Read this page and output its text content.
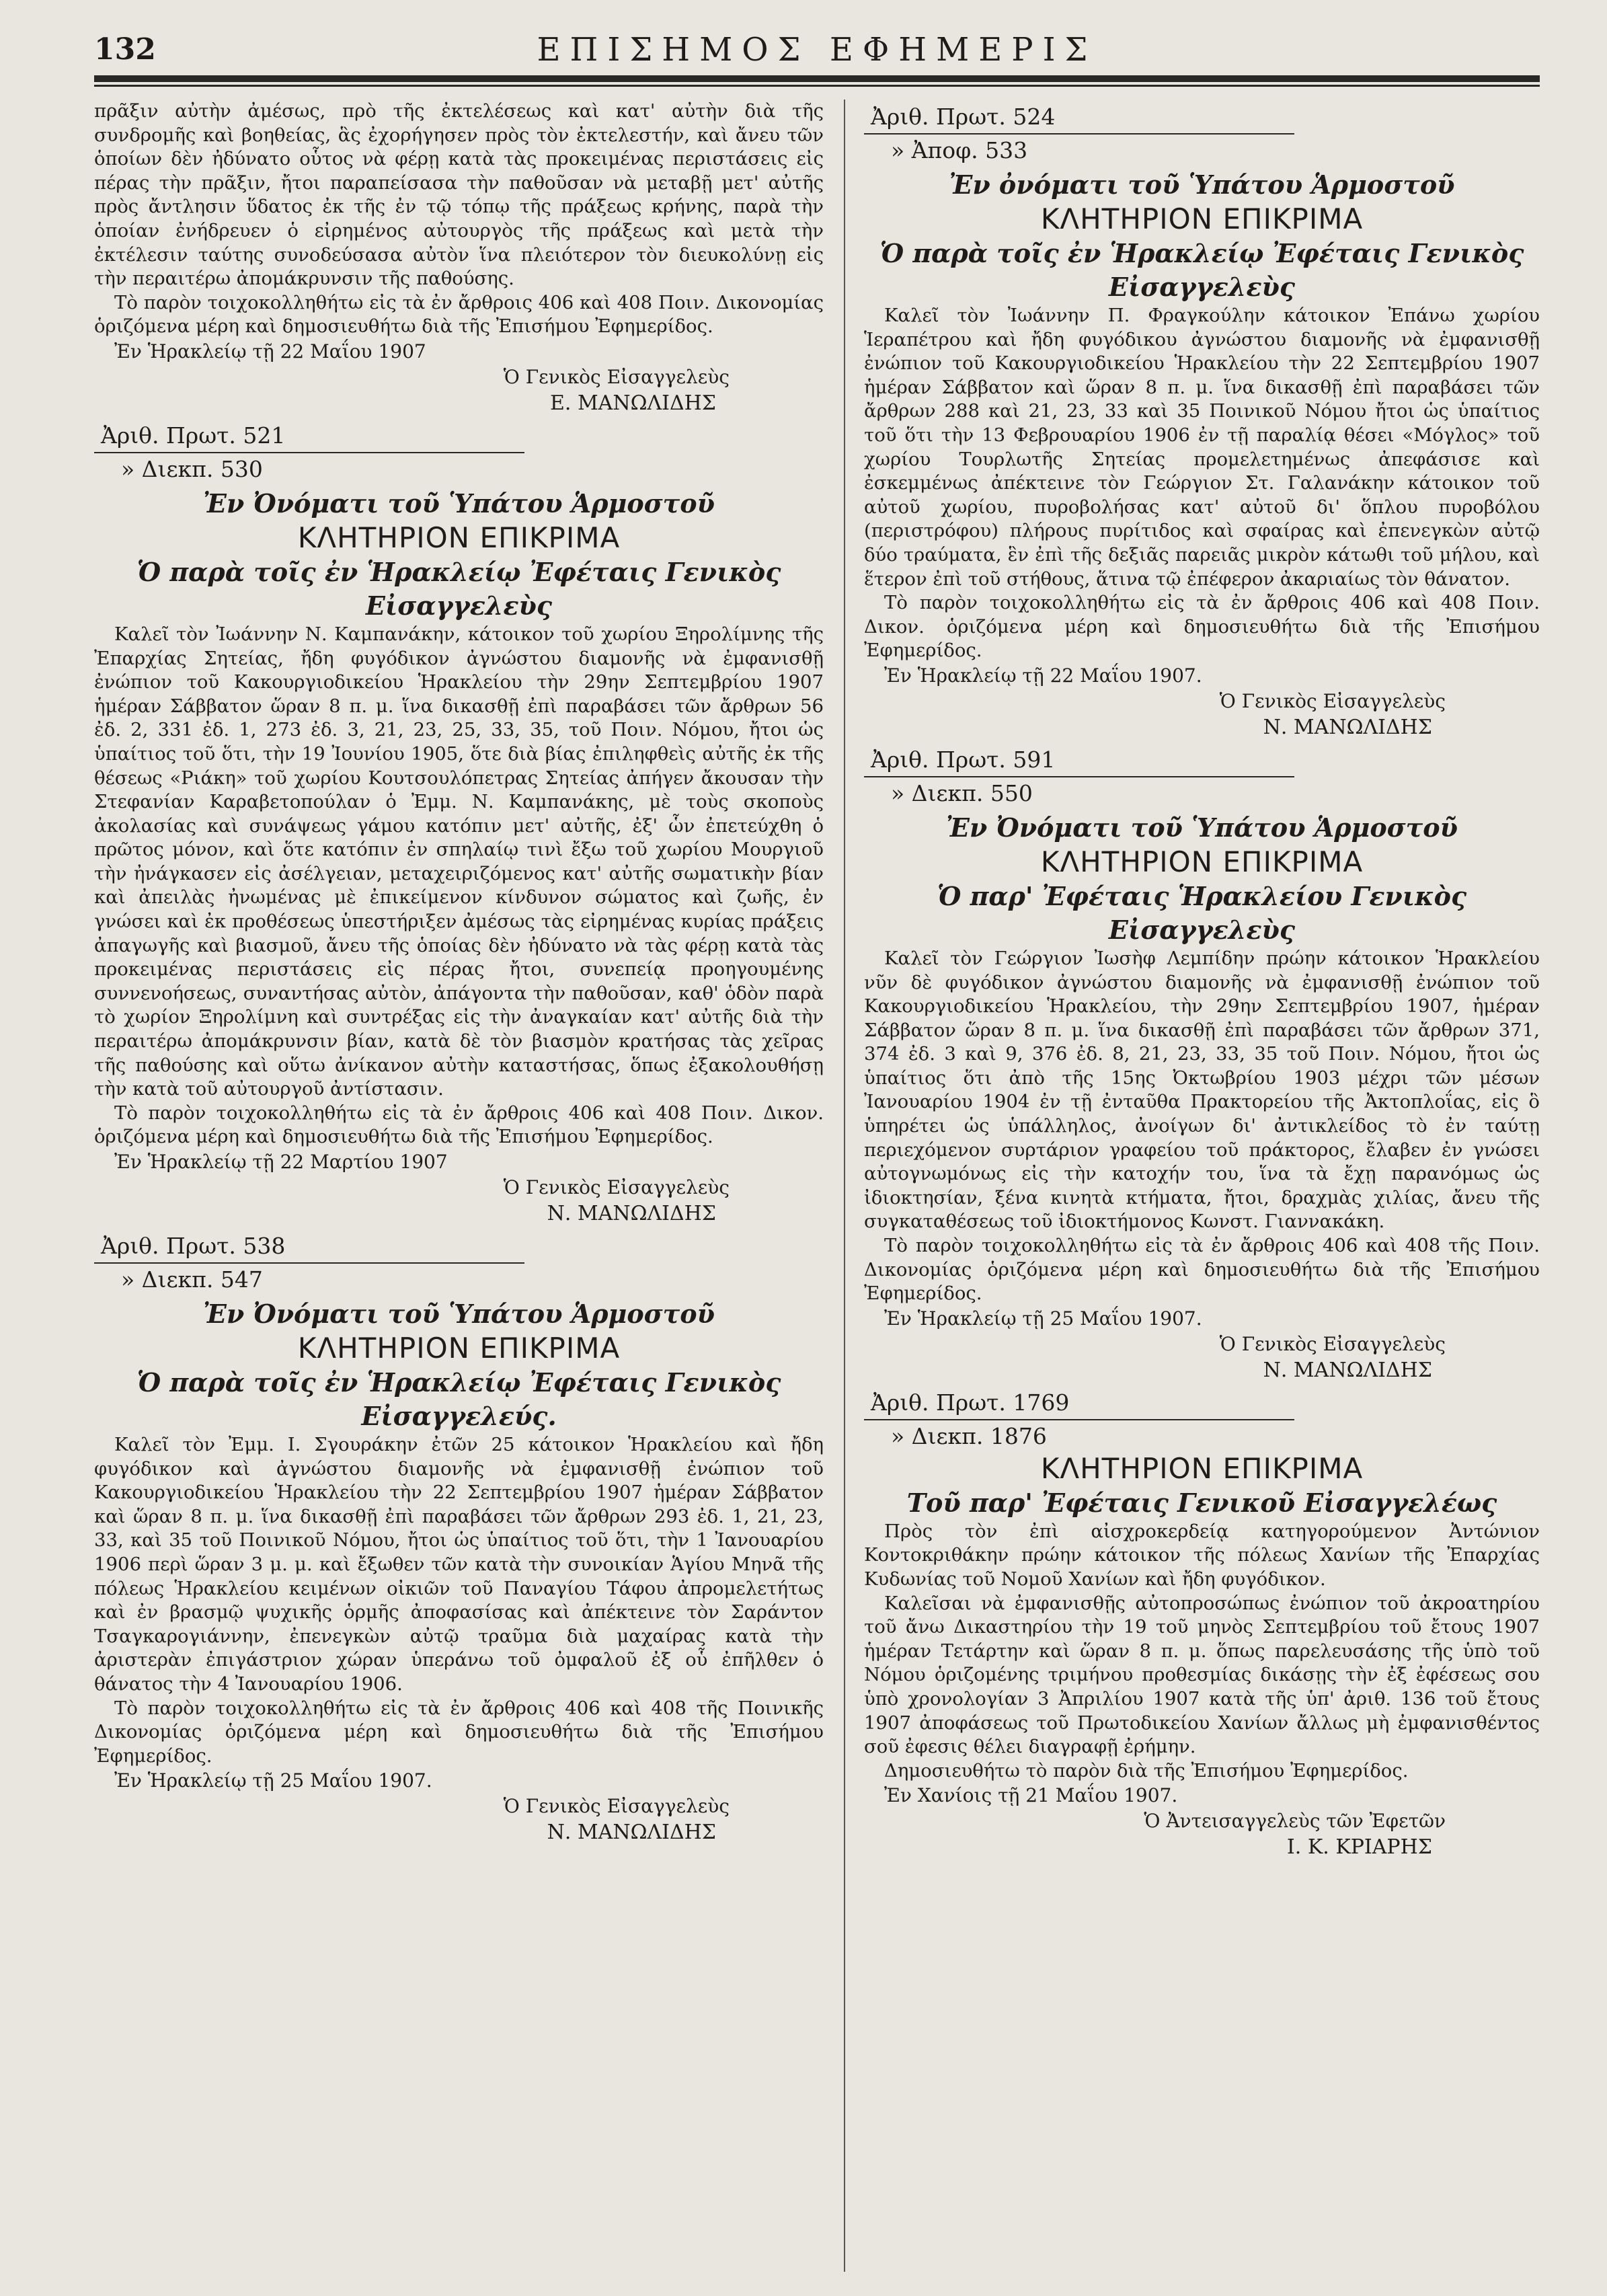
132	ΕΠΙΣΗΜΟΣ ΕΦΗΜΕΡΙΣ

πρᾶξιν αὐτὴν ἀμέσως, πρὸ τῆς ἐκτελέσεως καὶ κατ' αὐτὴν διὰ τῆς συνδρομῆς καὶ βοηθείας, ἃς ἐχορήγησεν πρὸς τὸν ἐκτελεστήν, καὶ ἄνευ τῶν ὁποίων δὲν ἠδύνατο οὗτος νὰ φέρῃ κατὰ τὰς προκειμένας περιστάσεις εἰς πέρας τὴν πρᾶξιν, ἤτοι παραπείσασα τὴν παθοῦσαν νὰ μεταβῇ μετ' αὐτῆς πρὸς ἄντλησιν ὕδατος ἐκ τῆς ἐν τῷ τόπῳ τῆς πράξεως κρήνης, παρὰ τὴν ὁποίαν ἐνήδρευεν ὁ εἰρημένος αὐτουργὸς τῆς πράξεως καὶ μετὰ τὴν ἐκτέλεσιν ταύτης συνοδεύσασα αὐτὸν ἵνα πλειότερον τὸν διευκολύνῃ εἰς τὴν περαιτέρω ἀπομάκρυνσιν τῆς παθούσης.

Τὸ παρὸν τοιχοκολληθήτω εἰς τὰ ἐν ἄρθροις 406 καὶ 408 Ποιν. Δικονομίας ὁριζόμενα μέρη καὶ δημοσιευθήτω διὰ τῆς Ἐπισήμου Ἐφημερίδος.

Ἐν Ἡρακλείῳ τῇ 22 Μαΐου 1907
Ὁ Γενικὸς Εἰσαγγελεὺς
Ε. ΜΑΝΩΛΙΔΗΣ
Ἀριθ. Πρωτ. 521
» Διεκπ. 530
Ἐν Ὀνόματι τοῦ Ὑπάτου Ἁρμοστοῦ
ΚΛΗΤΗΡΙΟΝ ΕΠΙΚΡΙΜΑ
Ὁ παρὰ τοῖς ἐν Ἡρακλείῳ Ἐφέταις Γενικὸς Εἰσαγγελεὺς

Καλεῖ τὸν Ἰωάννην Ν. Καμπανάκην, κάτοικον τοῦ χωρίου Ξηρολίμνης τῆς Ἐπαρχίας Σητείας, ἤδη φυγόδικον ἀγνώστου διαμονῆς νὰ ἐμφανισθῇ ἐνώπιον τοῦ Κακουργιοδικείου Ἡρακλείου τὴν 29ην Σεπτεμβρίου 1907 ἡμέραν Σάββατον ὥραν 8 π. μ. ἵνα δικασθῇ ἐπὶ παραβάσει τῶν ἄρθρων 56 ἐδ. 2, 331 ἐδ. 1, 273 ἐδ. 3, 21, 23, 25, 33, 35, τοῦ Ποιν. Νόμου, ἤτοι ὡς ὑπαίτιος τοῦ ὅτι, τὴν 19 Ἰουνίου 1905, ὅτε διὰ βίας ἐπιληφθεὶς αὐτῆς ἐκ τῆς θέσεως «Ριάκη» τοῦ χωρίου Κουτσουλόπετρας Σητείας ἀπήγεν ἄκουσαν τὴν Στεφανίαν Καραβετοπούλαν ὁ Ἐμμ. Ν. Καμπανάκης, μὲ τοὺς σκοποὺς ἀκολασίας καὶ συνάψεως γάμου κατόπιν μετ' αὐτῆς, ἐξ' ὧν ἐπετεύχθη ὁ πρῶτος μόνον, καὶ ὅτε κατόπιν ἐν σπηλαίῳ τινὶ ἔξω τοῦ χωρίου Μουργιοῦ τὴν ἠνάγκασεν εἰς ἀσέλγειαν, μεταχειριζόμενος κατ' αὐτῆς σωματικὴν βίαν καὶ ἀπειλὰς ἠνωμένας μὲ ἐπικείμενον κίνδυνον σώματος καὶ ζωῆς, ἐν γνώσει καὶ ἐκ προθέσεως ὑπεστήριξεν ἀμέσως τὰς εἰρημένας κυρίας πράξεις ἀπαγωγῆς καὶ βιασμοῦ, ἄνευ τῆς ὁποίας δὲν ἠδύνατο νὰ τὰς φέρῃ κατὰ τὰς προκειμένας περιστάσεις εἰς πέρας ἤτοι, συνεπείᾳ προηγουμένης συννενοήσεως, συναντήσας αὐτὸν, ἀπάγοντα τὴν παθοῦσαν, καθ' ὁδὸν παρὰ τὸ χωρίον Ξηρολίμνη καὶ συντρέξας εἰς τὴν ἀναγκαίαν κατ' αὐτῆς διὰ τὴν περαιτέρω ἀπομάκρυνσιν βίαν, κατὰ δὲ τὸν βιασμὸν κρατήσας τὰς χεῖρας τῆς παθούσης καὶ οὕτω ἀνίκανον αὐτὴν καταστήσας, ὅπως ἐξακολουθήσῃ τὴν κατὰ τοῦ αὐτουργοῦ ἀντίστασιν.

Τὸ παρὸν τοιχοκολληθήτω εἰς τὰ ἐν ἄρθροις 406 καὶ 408 Ποιν. Δικον. ὁριζόμενα μέρη καὶ δημοσιευθήτω διὰ τῆς Ἐπισήμου Ἐφημερίδος.

Ἐν Ἡρακλείῳ τῇ 22 Μαρτίου 1907
Ὁ Γενικὸς Εἰσαγγελεὺς
Ν. ΜΑΝΩΛΙΔΗΣ
Ἀριθ. Πρωτ. 538
» Διεκπ. 547
Ἐν Ὀνόματι τοῦ Ὑπάτου Ἁρμοστοῦ
ΚΛΗΤΗΡΙΟΝ ΕΠΙΚΡΙΜΑ
Ὁ παρὰ τοῖς ἐν Ἡρακλείῳ Ἐφέταις Γενικὸς Εἰσαγγελεύς.

Καλεῖ τὸν Ἐμμ. Ι. Σγουράκην ἐτῶν 25 κάτοικον Ἡρακλείου καὶ ἤδη φυγόδικον καὶ ἀγνώστου διαμονῆς νὰ ἐμφανισθῇ ἐνώπιον τοῦ Κακουργιοδικείου Ἡρακλείου τὴν 22 Σεπτεμβρίου 1907 ἡμέραν Σάββατον καὶ ὥραν 8 π. μ. ἵνα δικασθῇ ἐπὶ παραβάσει τῶν ἄρθρων 293 ἐδ. 1, 21, 23, 33, καὶ 35 τοῦ Ποινικοῦ Νόμου, ἤτοι ὡς ὑπαίτιος τοῦ ὅτι, τὴν 1 Ἰανουαρίου 1906 περὶ ὥραν 3 μ. μ. καὶ ἔξωθεν τῶν κατὰ τὴν συνοικίαν Ἁγίου Μηνᾶ τῆς πόλεως Ἡρακλείου κειμένων οἰκιῶν τοῦ Παναγίου Τάφου ἀπρομελετήτως καὶ ἐν βρασμῷ ψυχικῆς ὁρμῆς ἀποφασίσας καὶ ἀπέκτεινε τὸν Σαράντον Τσαγκαρογιάννην, ἐπενεγκὼν αὐτῷ τραῦμα διὰ μαχαίρας κατὰ τὴν ἀριστερὰν ἐπιγάστριον χώραν ὑπεράνω τοῦ ὀμφαλοῦ ἐξ οὗ ἐπῆλθεν ὁ θάνατος τὴν 4 Ἰανουαρίου 1906.

Τὸ παρὸν τοιχοκολληθήτω εἰς τὰ ἐν ἄρθροις 406 καὶ 408 τῆς Ποινικῆς Δικονομίας ὁριζόμενα μέρη καὶ δημοσιευθήτω διὰ τῆς Ἐπισήμου Ἐφημερίδος.

Ἐν Ἡρακλείῳ τῇ 25 Μαΐου 1907.
Ὁ Γενικὸς Εἰσαγγελεὺς
Ν. ΜΑΝΩΛΙΔΗΣ
Ἀριθ. Πρωτ. 524
» Ἀποφ. 533
Ἐν ὀνόματι τοῦ Ὑπάτου Ἁρμοστοῦ
ΚΛΗΤΗΡΙΟΝ ΕΠΙΚΡΙΜΑ
Ὁ παρὰ τοῖς ἐν Ἡρακλείῳ Ἐφέταις Γενικὸς Εἰσαγγελεὺς

Καλεῖ τὸν Ἰωάννην Π. Φραγκούλην κάτοικον Ἐπάνω χωρίου Ἱεραπέτρου καὶ ἤδη φυγόδικου ἀγνώστου διαμονῆς νὰ ἐμφανισθῇ ἐνώπιον τοῦ Κακουργιοδικείου Ἡρακλείου τὴν 22 Σεπτεμβρίου 1907 ἡμέραν Σάββατον καὶ ὥραν 8 π. μ. ἵνα δικασθῇ ἐπὶ παραβάσει τῶν ἄρθρων 288 καὶ 21, 23, 33 καὶ 35 Ποινικοῦ Νόμου ἤτοι ὡς ὑπαίτιος τοῦ ὅτι τὴν 13 Φεβρουαρίου 1906 ἐν τῇ παραλίᾳ θέσει «Μόγλος» τοῦ χωρίου Τουρλωτῆς Σητείας προμελετημένως ἀπεφάσισε καὶ ἐσκεμμένως ἀπέκτεινε τὸν Γεώργιον Στ. Γαλανάκην κάτοικον τοῦ αὐτοῦ χωρίου, πυροβολήσας κατ' αὐτοῦ δι' ὅπλου πυροβόλου (περιστρόφου) πλήρους πυρίτιδος καὶ σφαίρας καὶ ἐπενεγκὼν αὐτῷ δύο τραύματα, ἓν ἐπὶ τῆς δεξιᾶς παρειᾶς μικρὸν κάτωθι τοῦ μήλου, καὶ ἕτερον ἐπὶ τοῦ στήθους, ἅτινα τῷ ἐπέφερον ἀκαριαίως τὸν θάνατον.

Τὸ παρὸν τοιχοκολληθήτω εἰς τὰ ἐν ἄρθροις 406 καὶ 408 Ποιν. Δικον. ὁριζόμενα μέρη καὶ δημοσιευθήτω διὰ τῆς Ἐπισήμου Ἐφημερίδος.

Ἐν Ἡρακλείῳ τῇ 22 Μαΐου 1907.
Ὁ Γενικὸς Εἰσαγγελεὺς
Ν. ΜΑΝΩΛΙΔΗΣ
Ἀριθ. Πρωτ. 591
» Διεκπ. 550
Ἐν Ὀνόματι τοῦ Ὑπάτου Ἁρμοστοῦ
ΚΛΗΤΗΡΙΟΝ ΕΠΙΚΡΙΜΑ
Ὁ παρ' Ἐφέταις Ἡρακλείου Γενικὸς Εἰσαγγελεὺς

Καλεῖ τὸν Γεώργιον Ἰωσὴφ Λεμπίδην πρώην κάτοικον Ἡρακλείου νῦν δὲ φυγόδικον ἀγνώστου διαμονῆς νὰ ἐμφανισθῇ ἐνώπιον τοῦ Κακουργιοδικείου Ἡρακλείου, τὴν 29ην Σεπτεμβρίου 1907, ἡμέραν Σάββατον ὥραν 8 π. μ. ἵνα δικασθῇ ἐπὶ παραβάσει τῶν ἄρθρων 371, 374 ἐδ. 3 καὶ 9, 376 ἐδ. 8, 21, 23, 33, 35 τοῦ Ποιν. Νόμου, ἤτοι ὡς ὑπαίτιος ὅτι ἀπὸ τῆς 15ης Ὀκτωβρίου 1903 μέχρι τῶν μέσων Ἰανουαρίου 1904 ἐν τῇ ἐνταῦθα Πρακτορείου τῆς Ἀκτοπλοΐας, εἰς ὃ ὑπηρέτει ὡς ὑπάλληλος, ἀνοίγων δι' ἀντικλείδος τὸ ἐν ταύτῃ περιεχόμενον συρτάριον γραφείου τοῦ πράκτορος, ἔλαβεν ἐν γνώσει αὐτογνωμόνως εἰς τὴν κατοχήν του, ἵνα τὰ ἔχῃ παρανόμως ὡς ἰδιοκτησίαν, ξένα κινητὰ κτήματα, ἤτοι, δραχμὰς χιλίας, ἄνευ τῆς συγκαταθέσεως τοῦ ἰδιοκτήμονος Κωνστ. Γιαννακάκη.

Τὸ παρὸν τοιχοκολληθήτω εἰς τὰ ἐν ἄρθροις 406 καὶ 408 τῆς Ποιν. Δικονομίας ὁριζόμενα μέρη καὶ δημοσιευθήτω διὰ τῆς Ἐπισήμου Ἐφημερίδος.

Ἐν Ἡρακλείῳ τῇ 25 Μαΐου 1907.
Ὁ Γενικὸς Εἰσαγγελεὺς
Ν. ΜΑΝΩΛΙΔΗΣ
Ἀριθ. Πρωτ. 1769
» Διεκπ. 1876
ΚΛΗΤΗΡΙΟΝ ΕΠΙΚΡΙΜΑ
Τοῦ παρ' Ἐφέταις Γενικοῦ Εἰσαγγελέως

Πρὸς τὸν ἐπὶ αἰσχροκερδείᾳ κατηγορούμενον Ἀντώνιον Κοντοκριθάκην πρώην κάτοικον τῆς πόλεως Χανίων τῆς Ἐπαρχίας Κυδωνίας τοῦ Νομοῦ Χανίων καὶ ἤδη φυγόδικον.

Καλεῖσαι νὰ ἐμφανισθῇς αὐτοπροσώπως ἐνώπιον τοῦ ἀκροατηρίου τοῦ ἄνω Δικαστηρίου τὴν 19 τοῦ μηνὸς Σεπτεμβρίου τοῦ ἔτους 1907 ἡμέραν Τετάρτην καὶ ὥραν 8 π. μ. ὅπως παρελευσάσης τῆς ὑπὸ τοῦ Νόμου ὁριζομένης τριμήνου προθεσμίας δικάσῃς τὴν ἐξ ἐφέσεως σου ὑπὸ χρονολογίαν 3 Ἀπριλίου 1907 κατὰ τῆς ὑπ' ἀριθ. 136 τοῦ ἔτους 1907 ἀποφάσεως τοῦ Πρωτοδικείου Χανίων ἄλλως μὴ ἐμφανισθέντος σοῦ ἐφεσις θέλει διαγραφῇ ἐρήμην.

Δημοσιευθήτω τὸ παρὸν διὰ τῆς Ἐπισήμου Ἐφημερίδος.

Ἐν Χανίοις τῇ 21 Μαΐου 1907.
Ὁ Ἀντεισαγγελεὺς τῶν Ἐφετῶν
Ι. Κ. ΚΡΙΑΡΗΣ
